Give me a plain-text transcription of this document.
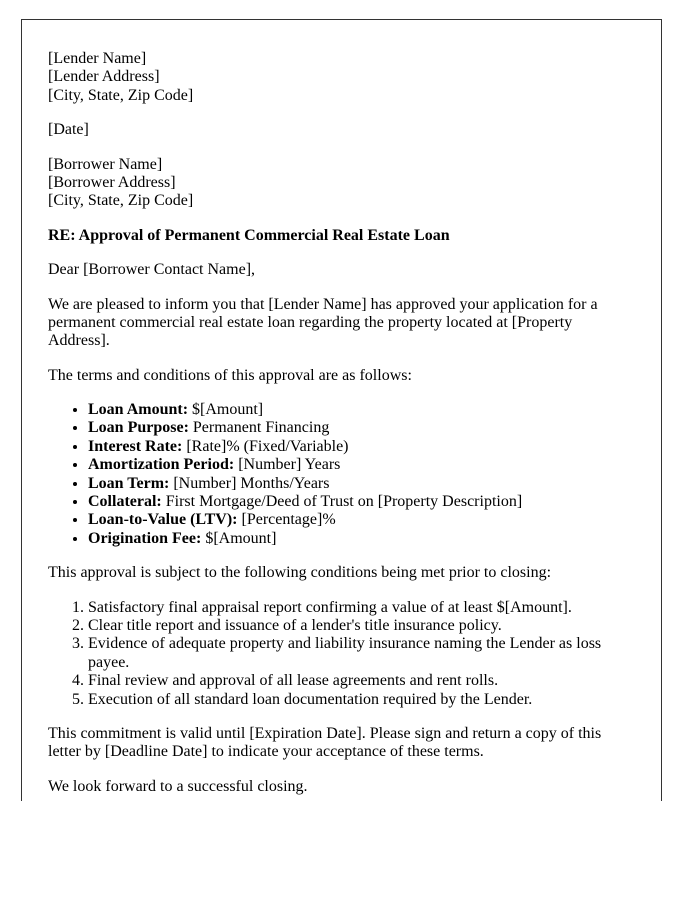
[Lender Name]
[Lender Address]
[City, State, Zip Code]

[Date]

[Borrower Name]
[Borrower Address]
[City, State, Zip Code]

RE: Approval of Permanent Commercial Real Estate Loan

Dear [Borrower Contact Name],

We are pleased to inform you that [Lender Name] has approved your application for a permanent commercial real estate loan regarding the property located at [Property Address].

The terms and conditions of this approval are as follows:

• Loan Amount: $[Amount]
• Loan Purpose: Permanent Financing
• Interest Rate: [Rate]% (Fixed/Variable)
• Amortization Period: [Number] Years
• Loan Term: [Number] Months/Years
• Collateral: First Mortgage/Deed of Trust on [Property Description]
• Loan-to-Value (LTV): [Percentage]%
• Origination Fee: $[Amount]

This approval is subject to the following conditions being met prior to closing:

1. Satisfactory final appraisal report confirming a value of at least $[Amount].
2. Clear title report and issuance of a lender's title insurance policy.
3. Evidence of adequate property and liability insurance naming the Lender as loss payee.
4. Final review and approval of all lease agreements and rent rolls.
5. Execution of all standard loan documentation required by the Lender.

This commitment is valid until [Expiration Date]. Please sign and return a copy of this letter by [Deadline Date] to indicate your acceptance of these terms.

We look forward to a successful closing.
